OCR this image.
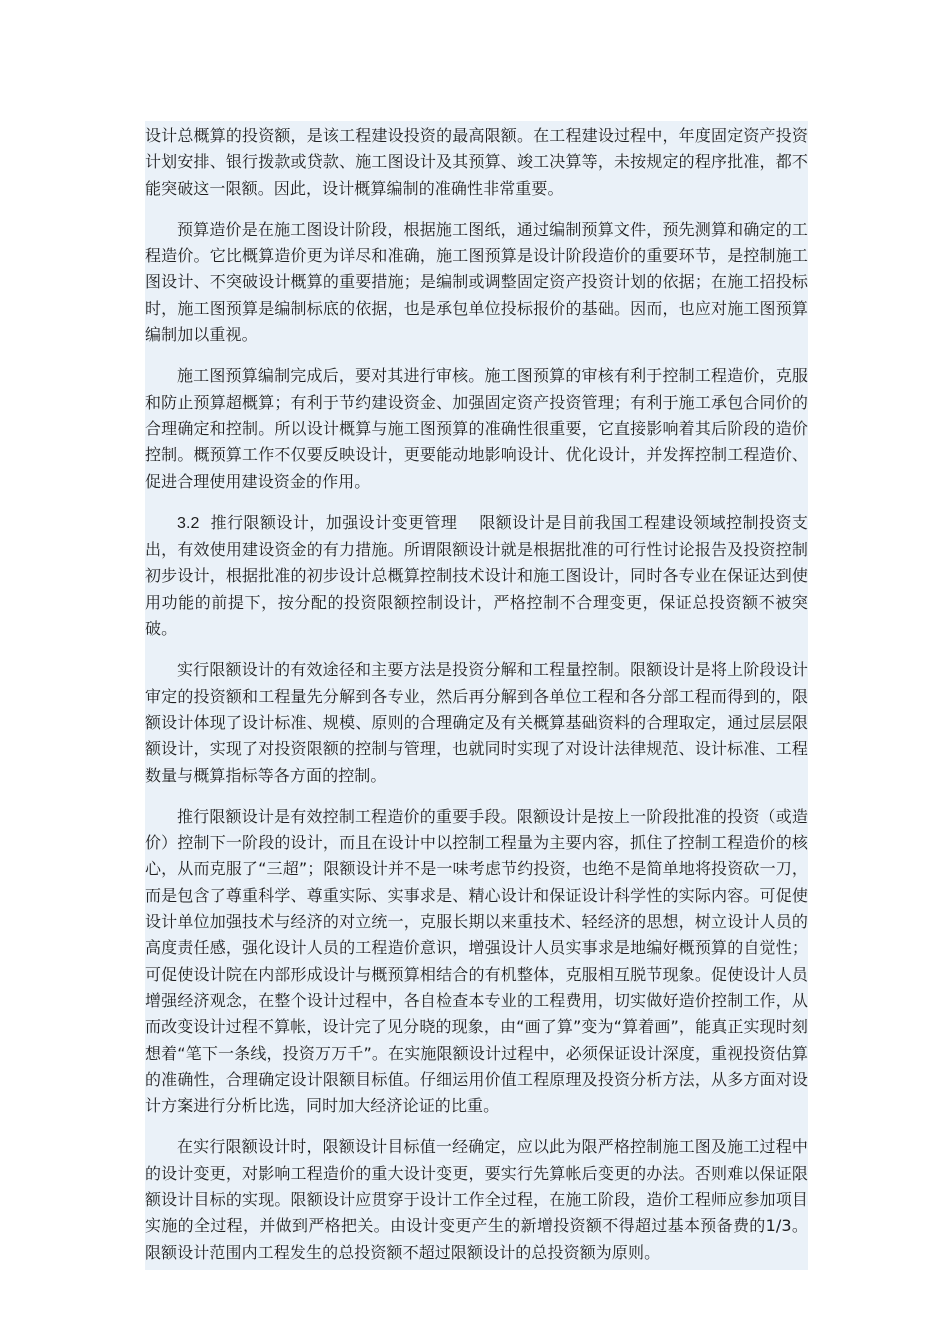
设计总概算的投资额，是该工程建设投资的最高限额。在工程建设过程中，年度固定资产投资计划安排、银行拨款或贷款、施工图设计及其预算、竣工决算等，未按规定的程序批准，都不能突破这一限额。因此，设计概算编制的准确性非常重要。

预算造价是在施工图设计阶段，根据施工图纸，通过编制预算文件，预先测算和确定的工程造价。它比概算造价更为详尽和准确，施工图预算是设计阶段造价的重要环节，是控制施工图设计、不突破设计概算的重要措施；是编制或调整固定资产投资计划的依据；在施工招投标时，施工图预算是编制标底的依据，也是承包单位投标报价的基础。因而，也应对施工图预算编制加以重视。

施工图预算编制完成后，要对其进行审核。施工图预算的审核有利于控制工程造价，克服和防止预算超概算；有利于节约建设资金、加强固定资产投资管理；有利于施工承包合同价的合理确定和控制。所以设计概算与施工图预算的准确性很重要，它直接影响着其后阶段的造价控制。概预算工作不仅要反映设计，更要能动地影响设计、优化设计，并发挥控制工程造价、促进合理使用建设资金的作用。

3.2 推行限额设计，加强设计变更管理　 限额设计是目前我国工程建设领域控制投资支出，有效使用建设资金的有力措施。所谓限额设计就是根据批准的可行性讨论报告及投资控制初步设计，根据批准的初步设计总概算控制技术设计和施工图设计，同时各专业在保证达到使用功能的前提下，按分配的投资限额控制设计，严格控制不合理变更，保证总投资额不被突破。

实行限额设计的有效途径和主要方法是投资分解和工程量控制。限额设计是将上阶段设计审定的投资额和工程量先分解到各专业，然后再分解到各单位工程和各分部工程而得到的，限额设计体现了设计标准、规模、原则的合理确定及有关概算基础资料的合理取定，通过层层限额设计，实现了对投资限额的控制与管理，也就同时实现了对设计法律规范、设计标准、工程数量与概算指标等各方面的控制。

推行限额设计是有效控制工程造价的重要手段。限额设计是按上一阶段批准的投资（或造价）控制下一阶段的设计，而且在设计中以控制工程量为主要内容，抓住了控制工程造价的核心，从而克服了“三超”；限额设计并不是一味考虑节约投资，也绝不是简单地将投资砍一刀，而是包含了尊重科学、尊重实际、实事求是、精心设计和保证设计科学性的实际内容。可促使设计单位加强技术与经济的对立统一，克服长期以来重技术、轻经济的思想，树立设计人员的高度责任感，强化设计人员的工程造价意识，增强设计人员实事求是地编好概预算的自觉性；可促使设计院在内部形成设计与概预算相结合的有机整体，克服相互脱节现象。促使设计人员增强经济观念，在整个设计过程中，各自检查本专业的工程费用，切实做好造价控制工作，从而改变设计过程不算帐，设计完了见分晓的现象，由“画了算”变为“算着画”，能真正实现时刻想着“笔下一条线，投资万万千”。在实施限额设计过程中，必须保证设计深度，重视投资估算的准确性，合理确定设计限额目标值。仔细运用价值工程原理及投资分析方法，从多方面对设计方案进行分析比选，同时加大经济论证的比重。

在实行限额设计时，限额设计目标值一经确定，应以此为限严格控制施工图及施工过程中的设计变更，对影响工程造价的重大设计变更，要实行先算帐后变更的办法。否则难以保证限额设计目标的实现。限额设计应贯穿于设计工作全过程，在施工阶段，造价工程师应参加项目实施的全过程，并做到严格把关。由设计变更产生的新增投资额不得超过基本预备费的1/3。限额设计范围内工程发生的总投资额不超过限额设计的总投资额为原则。
